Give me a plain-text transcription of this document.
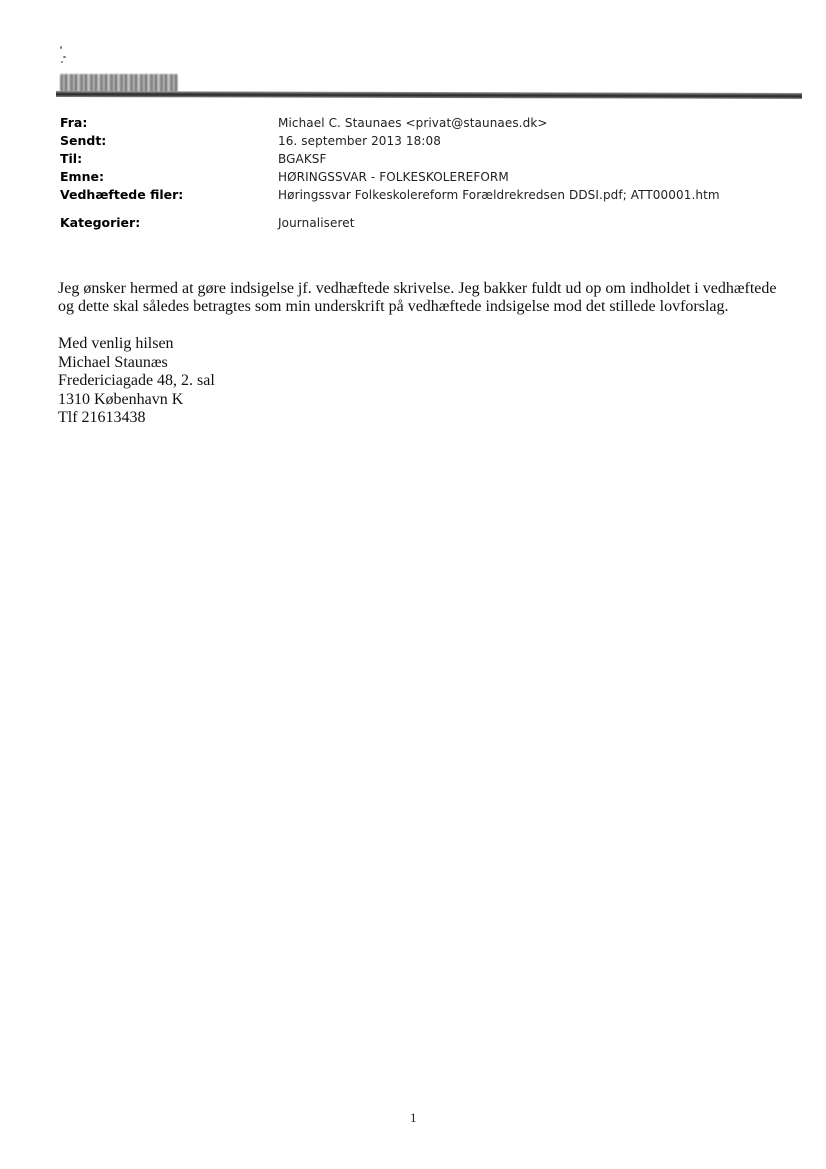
Fra:	Michael C. Staunaes <privat@staunaes.dk>
Sendt:	16. september 2013 18:08
Til:	BGAKSF
Emne:	HØRINGSSVAR - FOLKESKOLEREFORM
Vedhæftede filer:	Høringssvar Folkeskolereform Forældrekredsen DDSI.pdf; ATT00001.htm
Kategorier:	Journaliseret

Jeg ønsker hermed at gøre indsigelse jf. vedhæftede skrivelse. Jeg bakker fuldt ud op om indholdet i vedhæftede og dette skal således betragtes som min underskrift på vedhæftede indsigelse mod det stillede lovforslag.

Med venlig hilsen
Michael Staunæs
Fredericiagade 48, 2. sal
1310 København K
Tlf 21613438
1
